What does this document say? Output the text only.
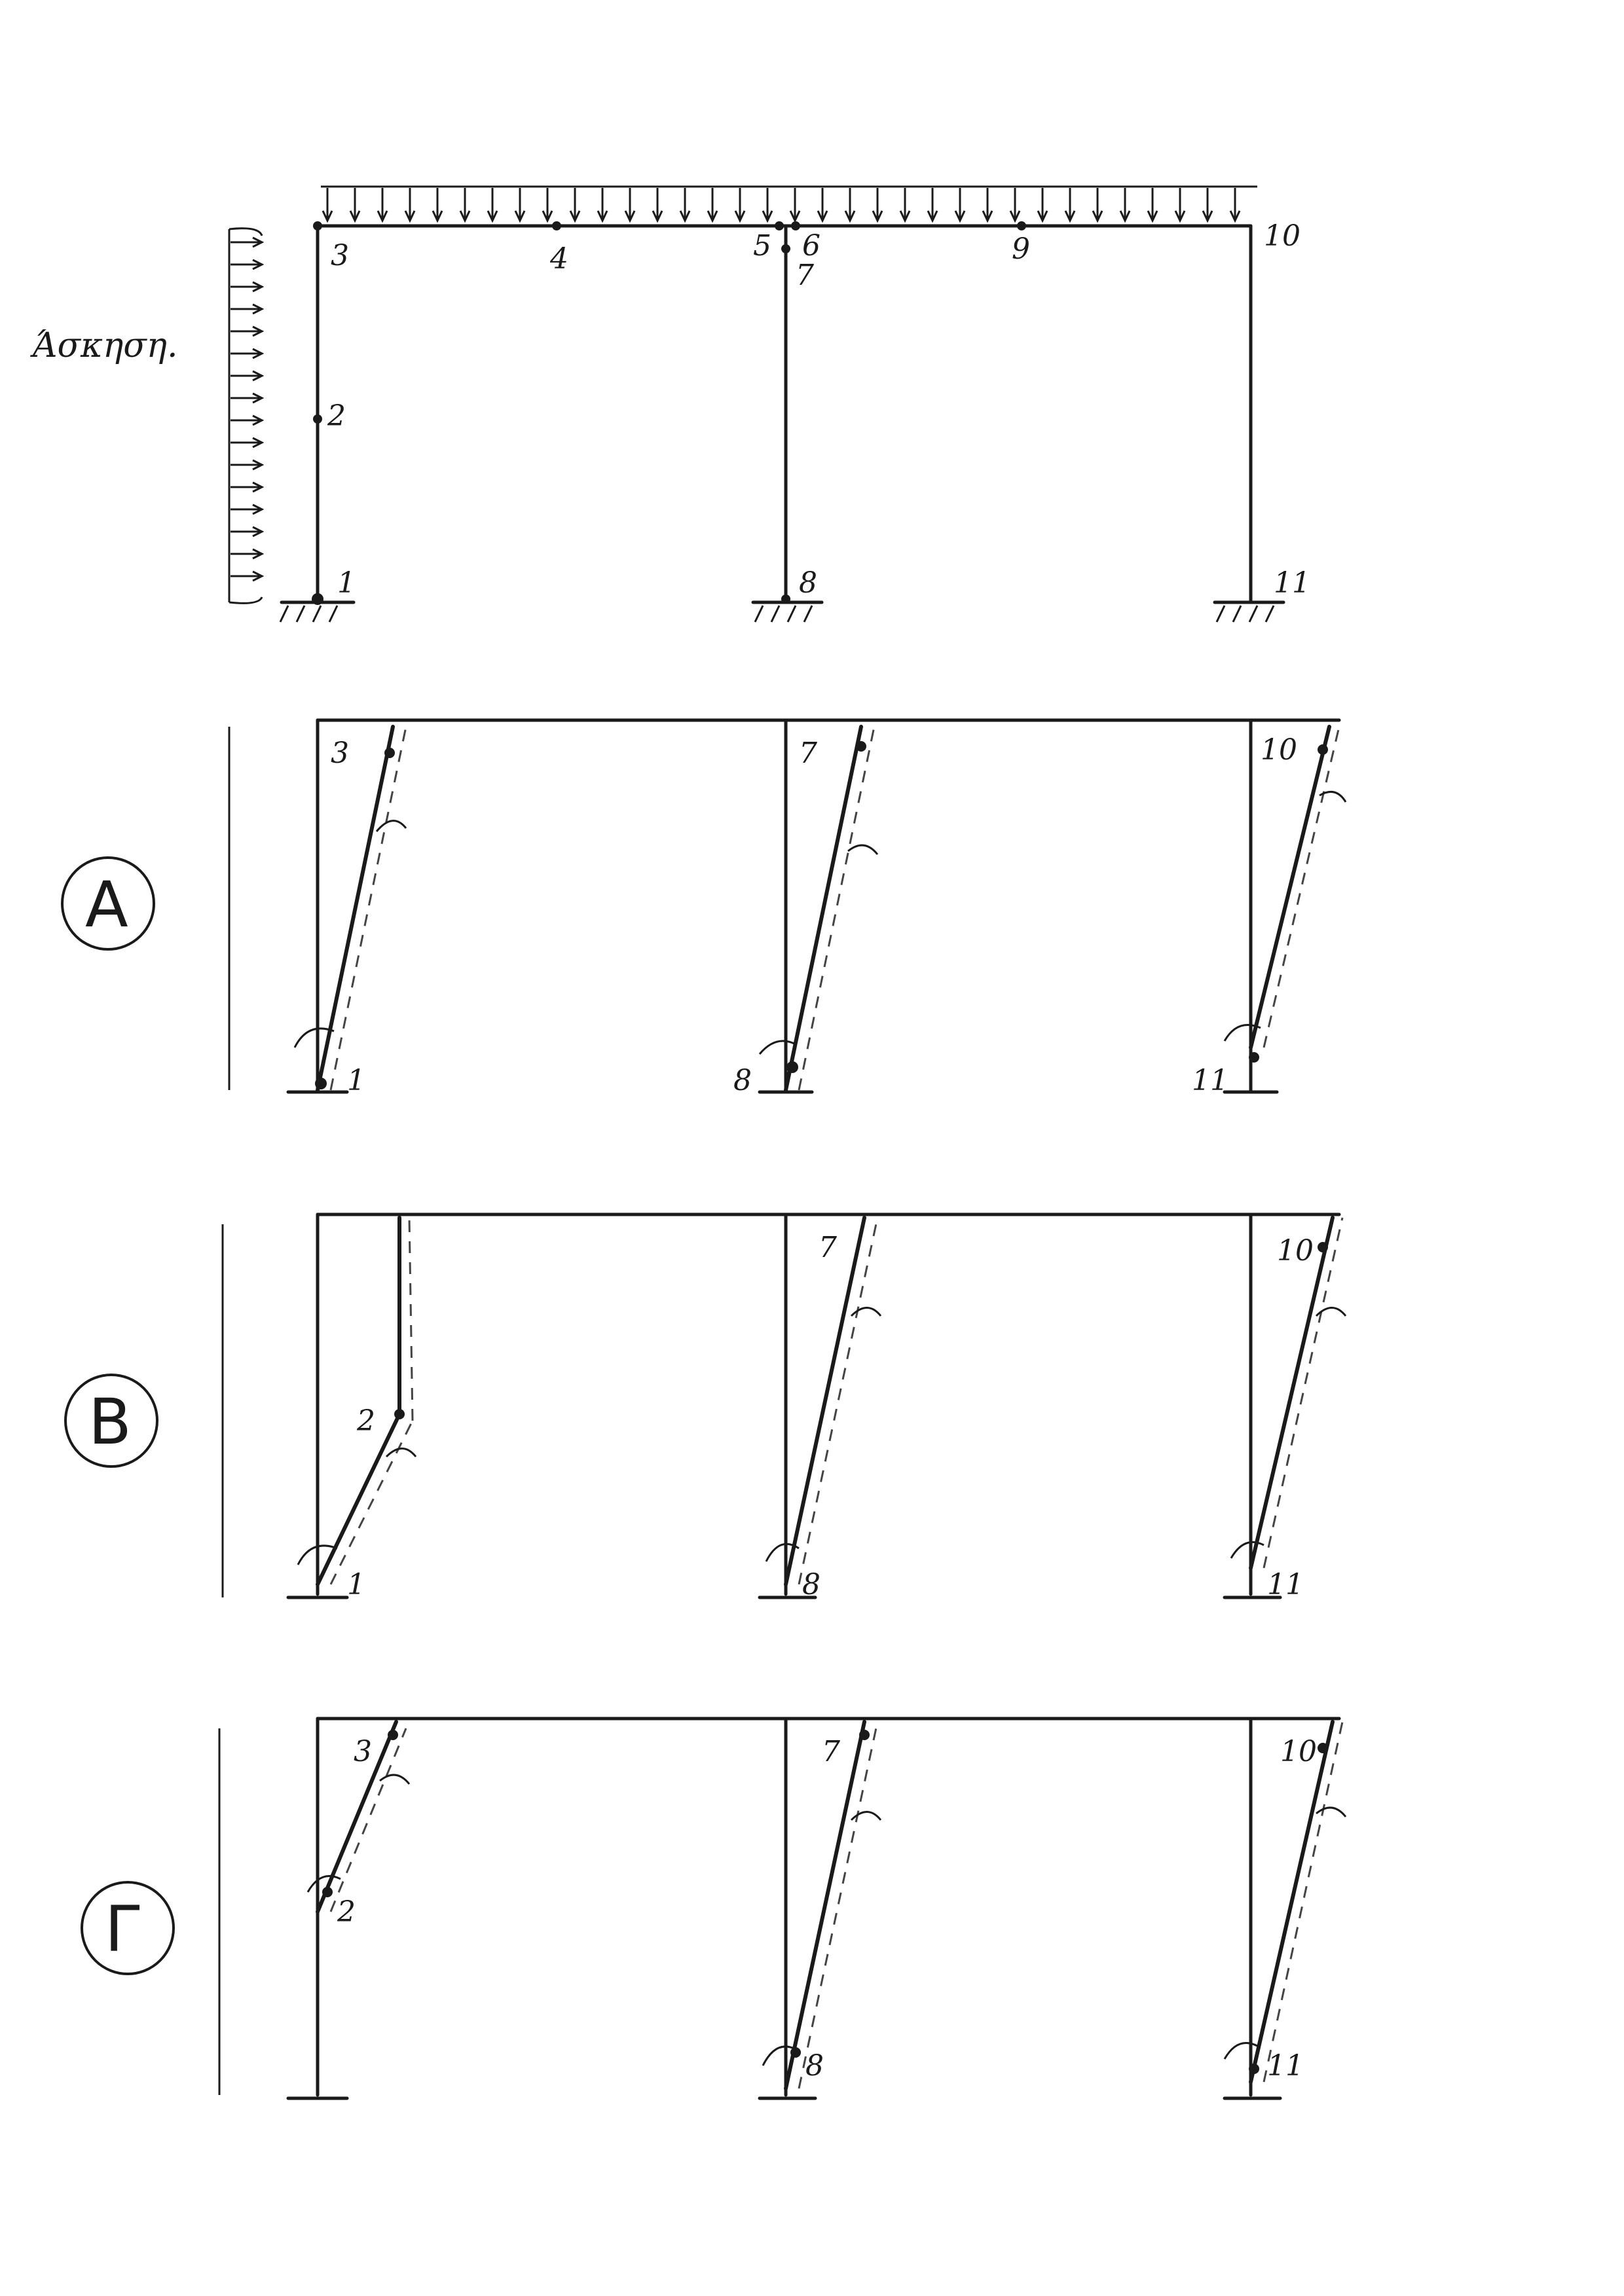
Άσκηση.
3	4	5 6
7
9	10
2
1	8	11
A
3
1
7
8
10
11
B	2
1
7
8
10
11
Γ
3
2
7
8
10
11
